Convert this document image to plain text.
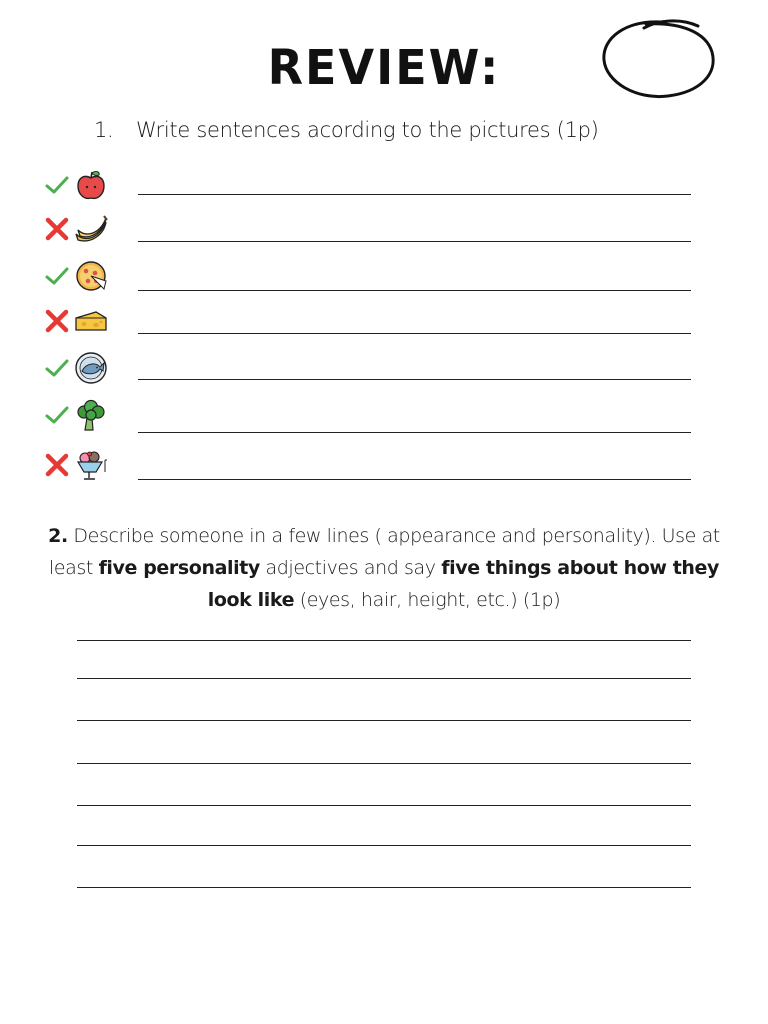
REVIEW:
1. Write sentences acording to the pictures (1p)
2. Describe someone in a few lines ( appearance and personality). Use at least five personality adjectives and say five things about how they look like (eyes, hair, height, etc.) (1p)
